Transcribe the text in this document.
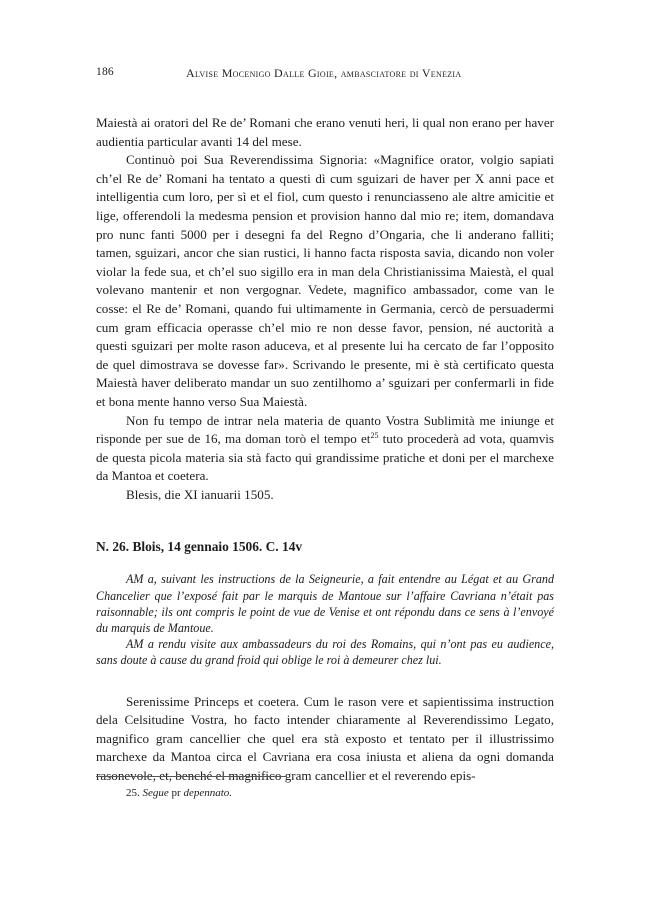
186	Alvise Mocenigo Dalle Gioie, ambasciatore di Venezia

Maiestà ai oratori del Re de’ Romani che erano venuti heri, li qual non erano per haver audientia particular avanti 14 del mese.

Continuò poi Sua Reverendissima Signoria: «Magnifice orator, volgio sapiati ch’el Re de’ Romani ha tentato a questi dì cum sguizari de haver per X anni pace et intelligentia cum loro, per sì et el fiol, cum questo i renunciasseno ale altre amicitie et lige, offerendoli la medesma pension et provision hanno dal mio re; item, domandava pro nunc fanti 5000 per i desegni fa del Regno d’Ongaria, che li anderano falliti; tamen, sguizari, ancor che sian rustici, li hanno facta risposta savia, dicando non voler violar la fede sua, et ch’el suo sigillo era in man dela Christianissima Maiestà, el qual volevano mantenir et non vergognar. Vedete, magnifico ambassador, come van le cosse: el Re de’ Romani, quando fui ultimamente in Germania, cercò de persuadermi cum gram efficacia operasse ch’el mio re non desse favor, pension, né auctorità a questi sguizari per molte rason aduceva, et al presente lui ha cercato de far l’opposito de quel dimostrava se dovesse far». Scrivando le presente, mi è stà certificato questa Maiestà haver deliberato mandar un suo zentilhomo a’ sguizari per confermarli in fide et bona mente hanno verso Sua Maiestà.

Non fu tempo de intrar nela materia de quanto Vostra Sublimità me iniunge et risponde per sue de 16, ma doman torò el tempo $et^{25}$ tuto procederà ad vota, quamvis de questa picola materia sia stà facto qui grandissime pratiche et doni per el marchexe da Mantoa et coetera.

Blesis, die XI ianuarii 1505.

N. 26. Blois, 14 gennaio 1506. C. 14v

AM a, suivant les instructions de la Seigneurie, a fait entendre au Légat et au Grand Chancelier que l’exposé fait par le marquis de Mantoue sur l’affaire Cavriana n’était pas raisonnable; ils ont compris le point de vue de Venise et ont répondu dans ce sens à l’envoyé du marquis de Mantoue.

AM a rendu visite aux ambassadeurs du roi des Romains, qui n’ont pas eu audience, sans doute à cause du grand froid qui oblige le roi à demeurer chez lui.

Serenissime Princeps et coetera. Cum le rason vere et sapientissima instruction dela Celsitudine Vostra, ho facto intender chiaramente al Reverendissimo Legato, magnifico gram cancellier che quel era stà exposto et tentato per il illustrissimo marchexe da Mantoa circa el Cavriana era cosa iniusta et aliena da ogni domanda rasonevole, et, benché el magnifico gram cancellier et el reverendo epis-

25. Segue pr depennato.
